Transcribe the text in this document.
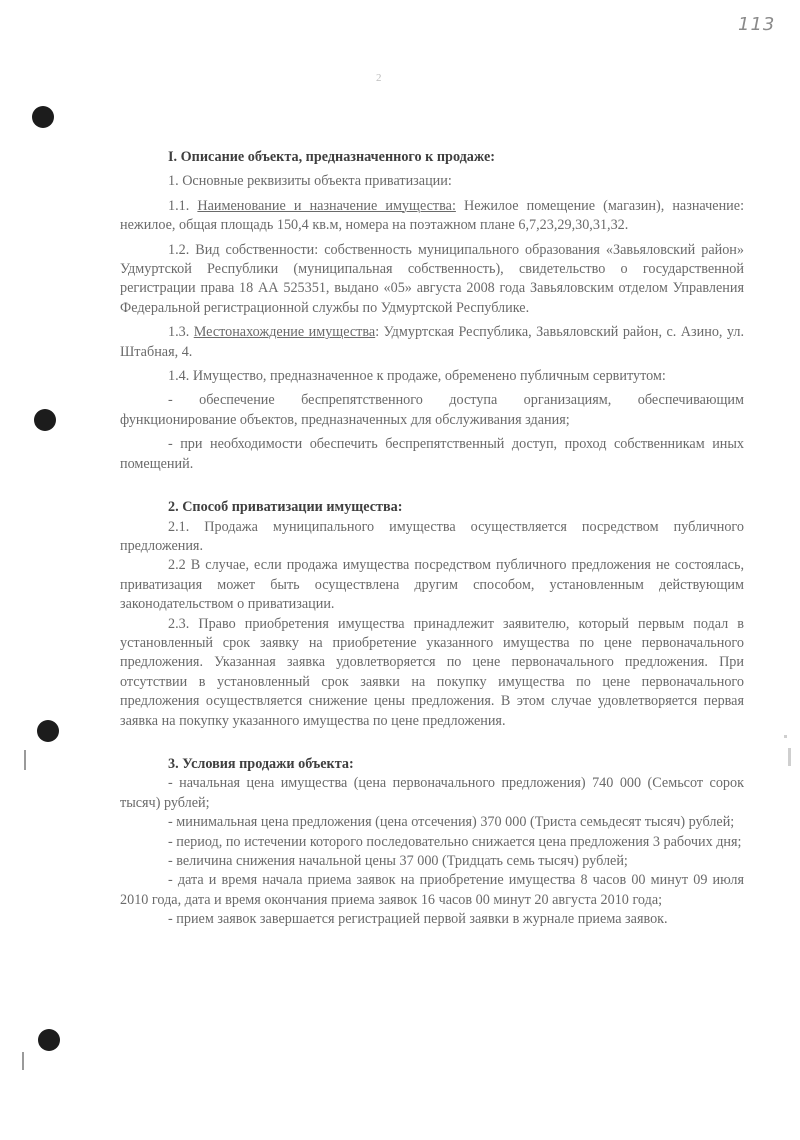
113
2

I. Описание объекта, предназначенного к продаже:

1. Основные реквизиты объекта приватизации:

1.1. Наименование и назначение имущества: Нежилое помещение (магазин), назначение: нежилое, общая площадь 150,4 кв.м, номера на поэтажном плане 6,7,23,29,30,31,32.

1.2. Вид собственности: собственность муниципального образования «Завьяловский район» Удмуртской Республики (муниципальная собственность), свидетельство о государственной регистрации права 18 АА 525351, выдано «05» августа 2008 года Завьяловским отделом Управления Федеральной регистрационной службы по Удмуртской Республике.

1.3. Местонахождение имущества: Удмуртская Республика, Завьяловский район, с. Азино, ул. Штабная, 4.

1.4. Имущество, предназначенное к продаже, обременено публичным сервитутом:

- обеспечение беспрепятственного доступа организациям, обеспечивающим функционирование объектов, предназначенных для обслуживания здания;

- при необходимости обеспечить беспрепятственный доступ, проход собственникам иных помещений.

2. Способ приватизации имущества:

2.1. Продажа муниципального имущества осуществляется посредством публичного предложения.

2.2 В случае, если продажа имущества посредством публичного предложения не состоялась, приватизация может быть осуществлена другим способом, установленным действующим законодательством о приватизации.

2.3. Право приобретения имущества принадлежит заявителю, который первым подал в установленный срок заявку на приобретение указанного имущества по цене первоначального предложения. Указанная заявка удовлетворяется по цене первоначального предложения. При отсутствии в установленный срок заявки на покупку имущества по цене первоначального предложения осуществляется снижение цены предложения. В этом случае удовлетворяется первая заявка на покупку указанного имущества по цене предложения.

3. Условия продажи объекта:

- начальная цена имущества (цена первоначального предложения) 740 000 (Семьсот сорок тысяч) рублей;

- минимальная цена предложения (цена отсечения) 370 000 (Триста семьдесят тысяч) рублей;

- период, по истечении которого последовательно снижается цена предложения 3 рабочих дня;

- величина снижения начальной цены 37 000 (Тридцать семь тысяч) рублей;

- дата и время начала приема заявок на приобретение имущества 8 часов 00 минут 09 июля 2010 года, дата и время окончания приема заявок 16 часов 00 минут 20 августа 2010 года;

- прием заявок завершается регистрацией первой заявки в журнале приема заявок.
